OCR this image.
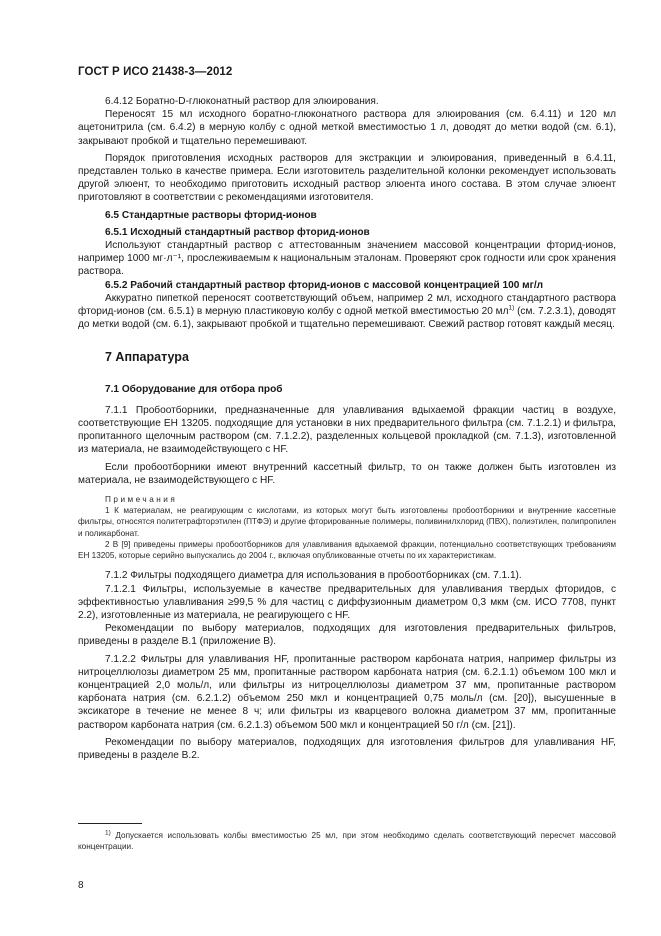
ГОСТ Р ИСО 21438-3—2012

6.4.12 Боратно-D-глюконатный раствор для элюирования.

Переносят 15 мл исходного боратно-глюконатного раствора для элюирования (см. 6.4.11) и 120 мл ацетонитрила (см. 6.4.2) в мерную колбу с одной меткой вместимостью 1 л, доводят до метки водой (см. 6.1), закрывают пробкой и тщательно перемешивают.

Порядок приготовления исходных растворов для экстракции и элюирования, приведенный в 6.4.11, представлен только в качестве примера. Если изготовитель разделительной колонки рекомендует использовать другой элюент, то необходимо приготовить исходный раствор элюента иного состава. В этом случае элюент приготовляют в соответствии с рекомендациями изготовителя.

6.5 Стандартные растворы фторид-ионов

6.5.1 Исходный стандартный раствор фторид-ионов

Используют стандартный раствор с аттестованным значением массовой концентрации фторид-ионов, например 1000 мг·л⁻¹, прослеживаемым к национальным эталонам. Проверяют срок годности или срок хранения раствора.

6.5.2 Рабочий стандартный раствор фторид-ионов с массовой концентрацией 100 мг/л

Аккуратно пипеткой переносят соответствующий объем, например 2 мл, исходного стандартного раствора фторид-ионов (см. 6.5.1) в мерную пластиковую колбу с одной меткой вместимостью 20 $мл^{1)}$ (см. 7.2.3.1), доводят до метки водой (см. 6.1), закрывают пробкой и тщательно перемешивают. Свежий раствор готовят каждый месяц.

7 Аппаратура

7.1 Оборудование для отбора проб

7.1.1 Пробоотборники, предназначенные для улавливания вдыхаемой фракции частиц в воздухе, соответствующие ЕН 13205. подходящие для установки в них предварительного фильтра (см. 7.1.2.1) и фильтра, пропитанного щелочным раствором (см. 7.1.2.2), разделенных кольцевой прокладкой (см. 7.1.3), изготовленной из материала, не взаимодействующего с HF.

Если пробоотборники имеют внутренний кассетный фильтр, то он также должен быть изготовлен из материала, не взаимодействующего с HF.

Примечания

1 К материалам, не реагирующим с кислотами, из которых могут быть изготовлены пробоотборники и внутренние кассетные фильтры, относятся политетрафторэтилен (ПТФЭ) и другие фторированные полимеры, поливинилхлорид (ПВХ), полиэтилен, полипропилен и поликарбонат.

2 В [9] приведены примеры пробоотборников для улавливания вдыхаемой фракции, потенциально соответствующих требованиям ЕН 13205, которые серийно выпускались до 2004 г., включая опубликованные отчеты по их характеристикам.

7.1.2 Фильтры подходящего диаметра для использования в пробоотборниках (см. 7.1.1).

7.1.2.1 Фильтры, используемые в качестве предварительных для улавливания твердых фторидов, с эффективностью улавливания ≥99,5 % для частиц с диффузионным диаметром 0,3 мкм (см. ИСО 7708, пункт 2.2), изготовленные из материала, не реагирующего с HF.

Рекомендации по выбору материалов, подходящих для изготовления предварительных фильтров, приведены в разделе В.1 (приложение В).

7.1.2.2 Фильтры для улавливания HF, пропитанные раствором карбоната натрия, например фильтры из нитроцеллюлозы диаметром 25 мм, пропитанные раствором карбоната натрия (см. 6.2.1.1) объемом 100 мкл и концентрацией 2,0 моль/л, или фильтры из нитроцеллюлозы диаметром 37 мм, пропитанные раствором карбоната натрия (см. 6.2.1.2) объемом 250 мкл и концентрацией 0,75 моль/л (см. [20]), высушенные в эксикаторе в течение не менее 8 ч; или фильтры из кварцевого волокна диаметром 37 мм, пропитанные раствором карбоната натрия (см. 6.2.1.3) объемом 500 мкл и концентрацией 50 г/л (см. [21]).

Рекомендации по выбору материалов, подходящих для изготовления фильтров для улавливания HF, приведены в разделе В.2.

$^{1)}$ Допускается использовать колбы вместимостью 25 мл, при этом необходимо сделать соответствующий пересчет массовой концентрации.

8
